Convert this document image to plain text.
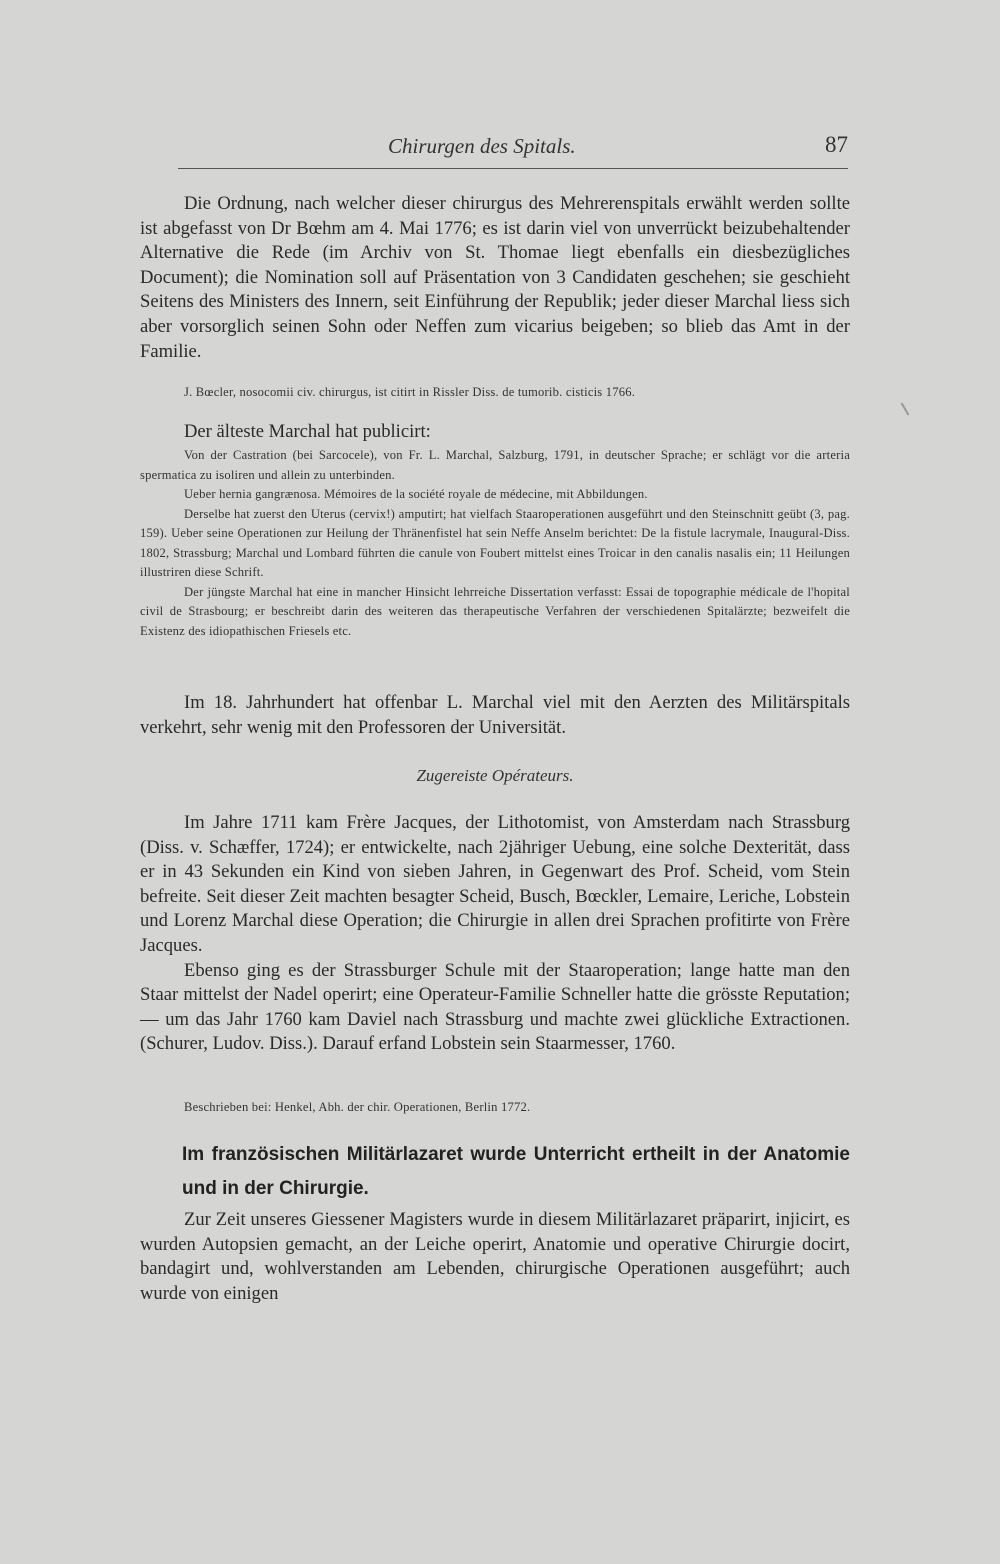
Chirurgen des Spitals.	87

Die Ordnung, nach welcher dieser chirurgus des Mehrerenspitals erwählt werden sollte ist abgefasst von Dr Bœhm am 4. Mai 1776; es ist darin viel von unverrückt beizubehaltender Alternative die Rede (im Archiv von St. Thomae liegt ebenfalls ein diesbezügliches Document); die Nomination soll auf Präsentation von 3 Candidaten geschehen; sie geschieht Seitens des Ministers des Innern, seit Einführung der Republik; jeder dieser Marchal liess sich aber vorsorglich seinen Sohn oder Neffen zum vicarius beigeben; so blieb das Amt in der Familie.

J. Bœcler, nosocomii civ. chirurgus, ist citirt in Rissler Diss. de tumorib. cisticis 1766.

Der älteste Marchal hat publicirt:

Von der Castration (bei Sarcocele), von Fr. L. Marchal, Salzburg, 1791, in deutscher Sprache; er schlägt vor die arteria spermatica zu isoliren und allein zu unterbinden.

Ueber hernia gangrænosa. Mémoires de la société royale de médecine, mit Abbildungen.

Derselbe hat zuerst den Uterus (cervix!) amputirt; hat vielfach Staaroperationen ausgeführt und den Steinschnitt geübt (3, pag. 159). Ueber seine Operationen zur Heilung der Thränenfistel hat sein Neffe Anselm berichtet: De la fistule lacrymale, Inaugural-Diss. 1802, Strassburg; Marchal und Lombard führten die canule von Foubert mittelst eines Troicar in den canalis nasalis ein; 11 Heilungen illustriren diese Schrift.

Der jüngste Marchal hat eine in mancher Hinsicht lehrreiche Dissertation verfasst: Essai de topographie médicale de l'hopital civil de Strasbourg; er beschreibt darin des weiteren das therapeutische Verfahren der verschiedenen Spitalärzte; bezweifelt die Existenz des idiopathischen Friesels etc.

Im 18. Jahrhundert hat offenbar L. Marchal viel mit den Aerzten des Militärspitals verkehrt, sehr wenig mit den Professoren der Universität.

Zugereiste Opérateurs.

Im Jahre 1711 kam Frère Jacques, der Lithotomist, von Amsterdam nach Strassburg (Diss. v. Schæffer, 1724); er entwickelte, nach 2jähriger Uebung, eine solche Dexterität, dass er in 43 Sekunden ein Kind von sieben Jahren, in Gegenwart des Prof. Scheid, vom Stein befreite. Seit dieser Zeit machten besagter Scheid, Busch, Bœckler, Lemaire, Leriche, Lobstein und Lorenz Marchal diese Operation; die Chirurgie in allen drei Sprachen profitirte von Frère Jacques.

Ebenso ging es der Strassburger Schule mit der Staaroperation; lange hatte man den Staar mittelst der Nadel operirt; eine Operateur-Familie Schneller hatte die grösste Reputation; — um das Jahr 1760 kam Daviel nach Strassburg und machte zwei glückliche Extractionen. (Schurer, Ludov. Diss.). Darauf erfand Lobstein sein Staarmesser, 1760.

Beschrieben bei: Henkel, Abh. der chir. Operationen, Berlin 1772.

Im französischen Militärlazaret wurde Unterricht ertheilt in der Anatomie und in der Chirurgie.

Zur Zeit unseres Giessener Magisters wurde in diesem Militärlazaret präparirt, injicirt, es wurden Autopsien gemacht, an der Leiche operirt, Anatomie und operative Chirurgie docirt, bandagirt und, wohlverstanden am Lebenden, chirurgische Operationen ausgeführt; auch wurde von einigen
